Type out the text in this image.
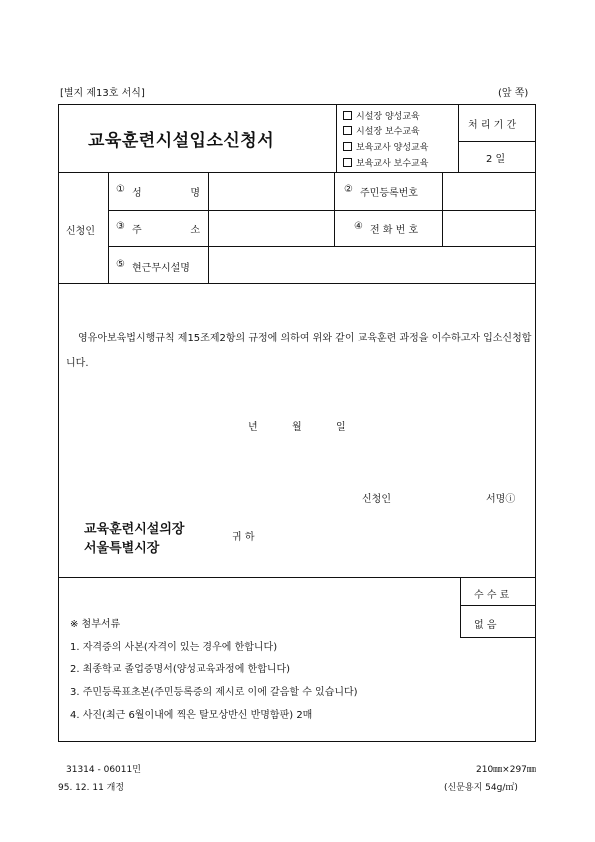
[별지 제13호 서식]	(앞 쪽)
교육훈련시설입소신청서
시설장 양성교육
시설장 보수교육
보육교사 양성교육
보육교사 보수교육
처 리 기 간
2 일
신청인
① 성	명	② 주민등록번호
③ 주	소	④ 전 화 번 호
⑤ 현근무시설명
영유아보육법시행규칙 제15조제2항의 규정에 의하여 위와 같이 교육훈련 과정을 이수하고자 입소신청합니다.
년	월	일
신청인	서명ⓘ
교육훈련시설의장
서울특별시장
귀 하
수 수 료
없 음
※ 첨부서류
1. 자격증의 사본(자격이 있는 경우에 한합니다)
2. 최종학교 졸업증명서(양성교육과정에 한합니다)
3. 주민등록표초본(주민등록증의 제시로 이에 갈음할 수 있습니다)
4. 사진(최근 6월이내에 찍은 탈모상반신 반명함판) 2매
31314 - 06011민	210㎜×297㎜
95. 12. 11 개정	(신문용지 54g/㎡)
